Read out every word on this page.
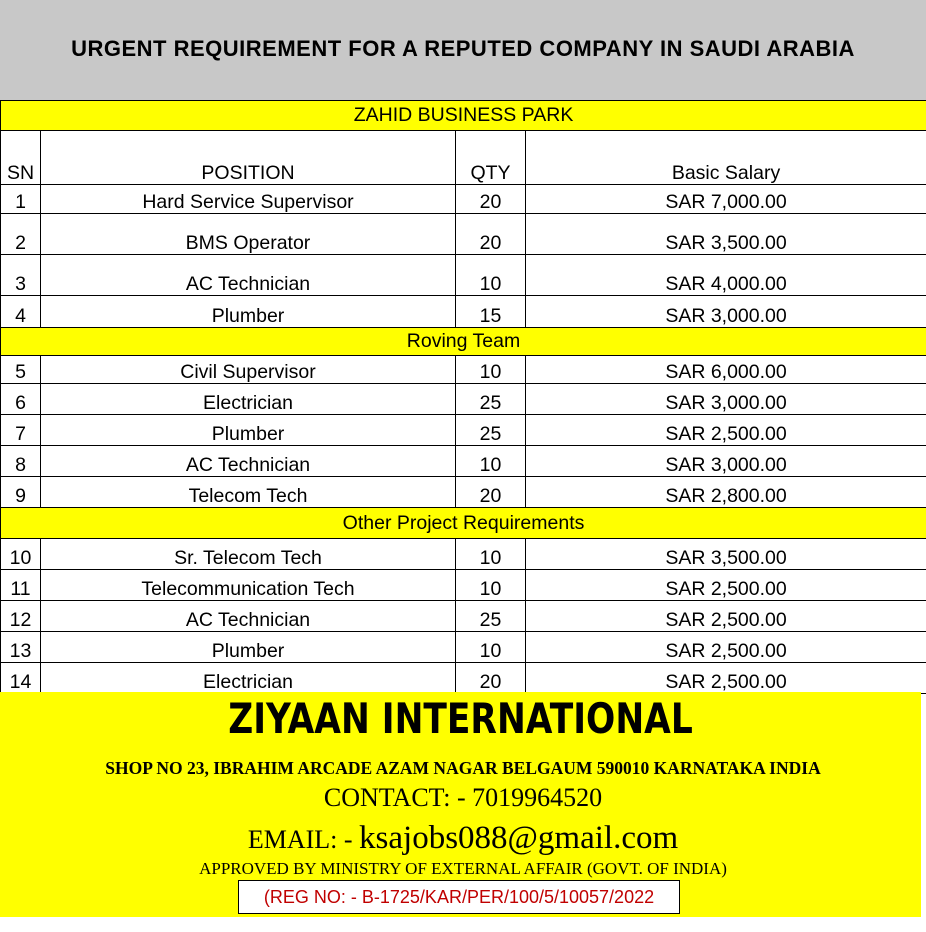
URGENT REQUIREMENT FOR A REPUTED COMPANY IN SAUDI ARABIA
ZAHID BUSINESS PARK			
SN	POSITION	QTY	Basic Salary
1	Hard Service Supervisor	20	SAR 7,000.00
2	BMS Operator	20	SAR 3,500.00
3	AC Technician	10	SAR 4,000.00
4	Plumber	15	SAR 3,000.00
Roving Team			
5	Civil Supervisor	10	SAR 6,000.00
6	Electrician	25	SAR 3,000.00
7	Plumber	25	SAR 2,500.00
8	AC Technician	10	SAR 3,000.00
9	Telecom Tech	20	SAR 2,800.00
Other Project Requirements			
10	Sr. Telecom Tech	10	SAR 3,500.00
11	Telecommunication Tech	10	SAR 2,500.00
12	AC Technician	25	SAR 2,500.00
13	Plumber	10	SAR 2,500.00
14	Electrician	20	SAR 2,500.00
ZIYAAN INTERNATIONAL
SHOP NO 23, IBRAHIM ARCADE AZAM NAGAR BELGAUM 590010 KARNATAKA INDIA
CONTACT: - 7019964520
EMAIL: - ksajobs088@gmail.com
APPROVED BY MINISTRY OF EXTERNAL AFFAIR (GOVT. OF INDIA)
(REG NO: - B-1725/KAR/PER/100/5/10057/2022
